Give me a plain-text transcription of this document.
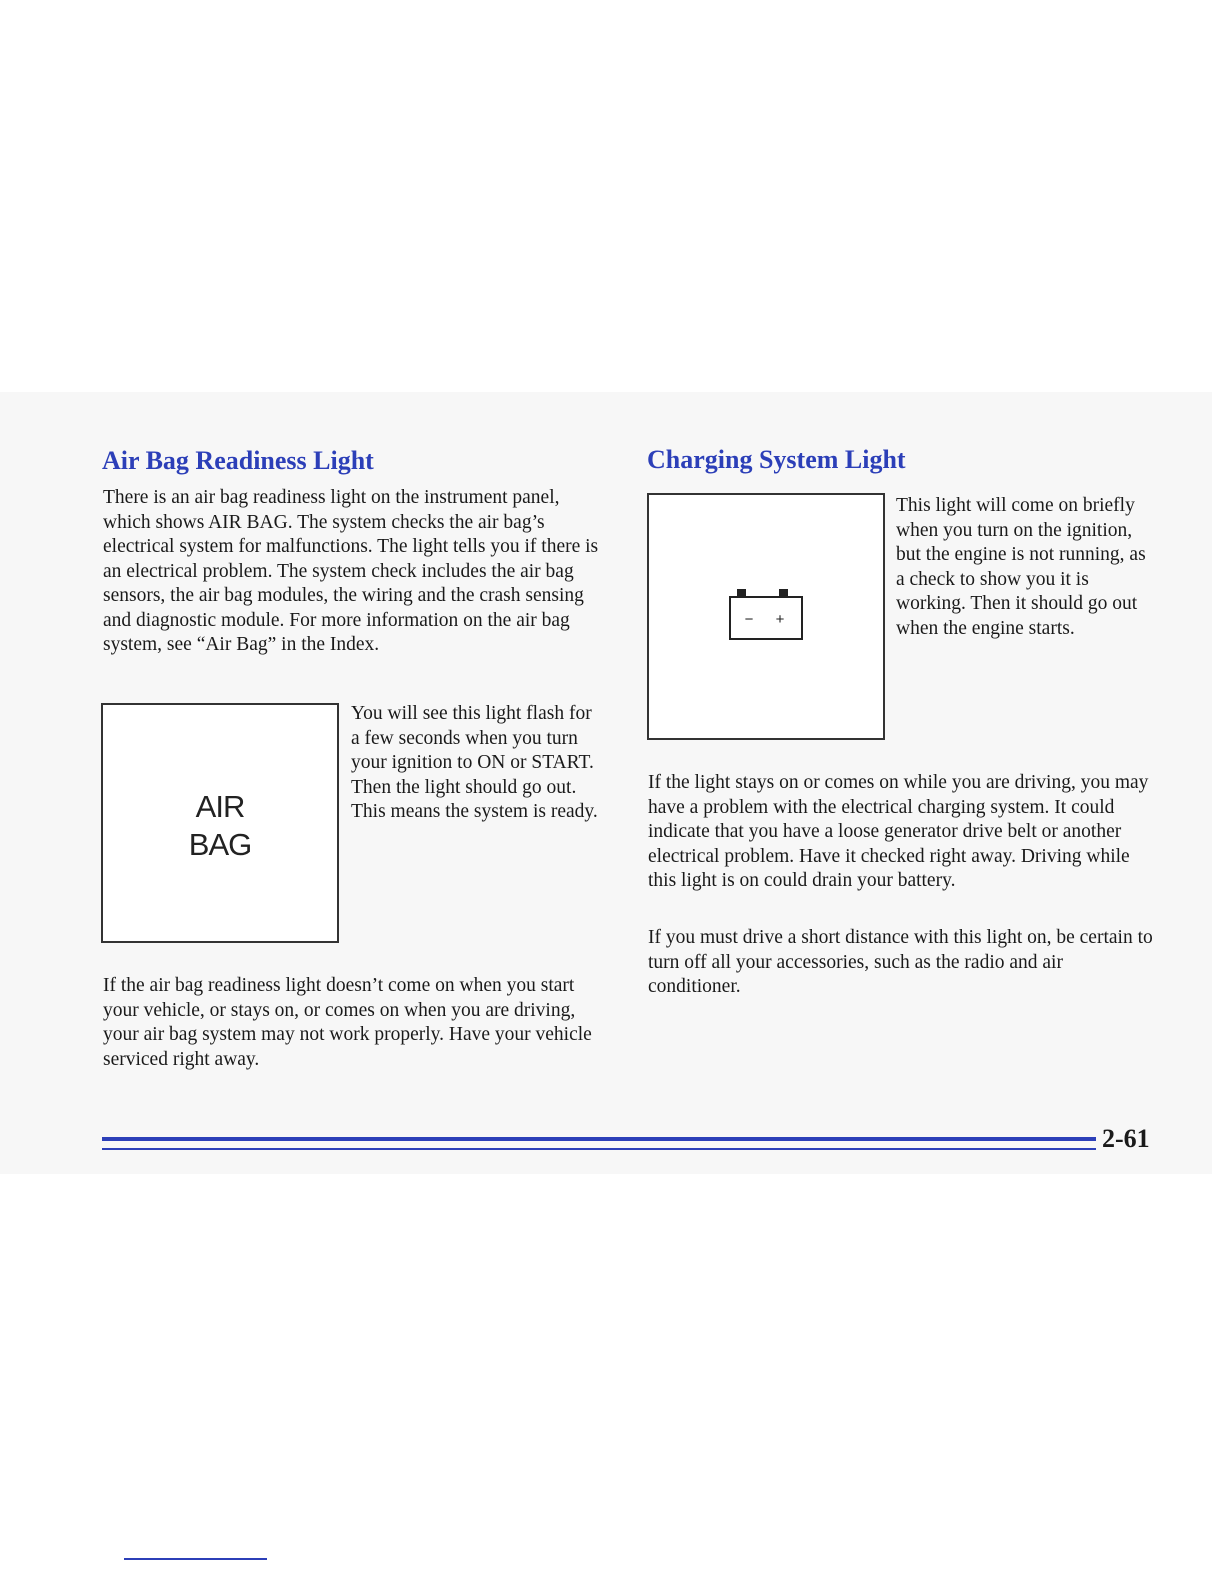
Air Bag Readiness Light

There is an air bag readiness light on the instrument panel, which shows AIR BAG. The system checks the air bag’s electrical system for malfunctions. The light tells you if there is an electrical problem. The system check includes the air bag sensors, the air bag modules, the wiring and the crash sensing and diagnostic module. For more information on the air bag system, see “Air Bag” in the Index.

AIR
BAG

You will see this light flash for a few seconds when you turn your ignition to ON or START. Then the light should go out. This means the system is ready.

If the air bag readiness light doesn’t come on when you start your vehicle, or stays on, or comes on when you are driving, your air bag system may not work properly. Have your vehicle serviced right away.

Charging System Light
− +

This light will come on briefly when you turn on the ignition, but the engine is not running, as a check to show you it is working. Then it should go out when the engine starts.

If the light stays on or comes on while you are driving, you may have a problem with the electrical charging system. It could indicate that you have a loose generator drive belt or another electrical problem. Have it checked right away. Driving while this light is on could drain your battery.

If you must drive a short distance with this light on, be certain to turn off all your accessories, such as the radio and air conditioner.

2-61
